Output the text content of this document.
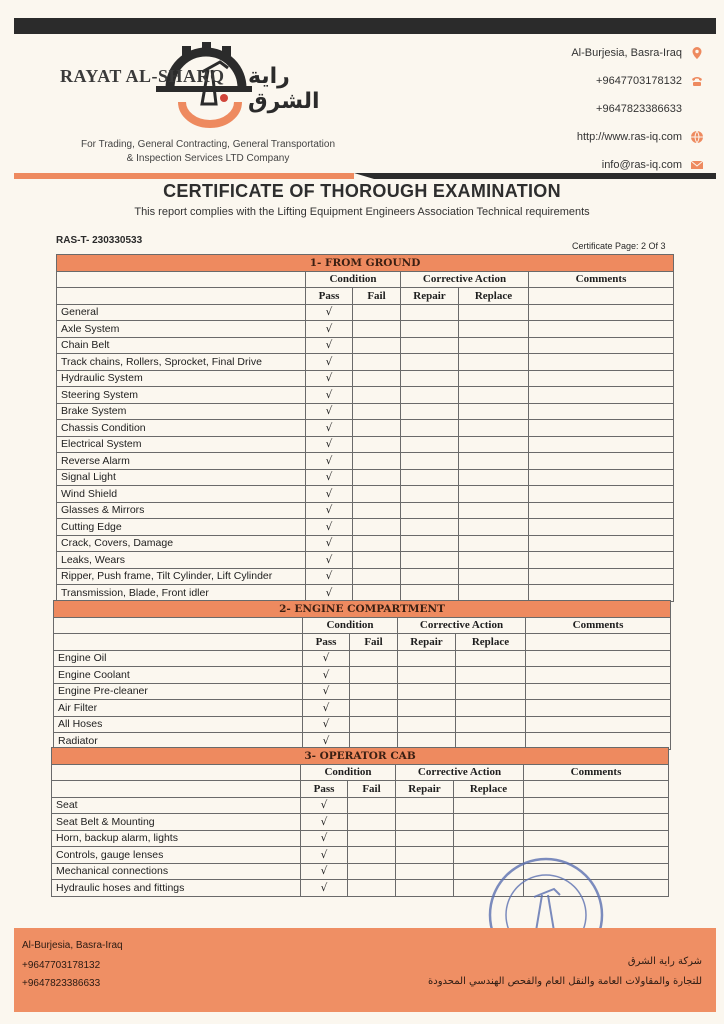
RAYAT AL-SHARQ راية الشرق
For Trading, General Contracting, General Transportation
& Inspection Services LTD Company
Al-Burjesia, Basra-Iraq
+9647703178132
+9647823386633
http://www.ras-iq.com
info@ras-iq.com
CERTIFICATE OF THOROUGH EXAMINATION
This report complies with the Lifting Equipment Engineers Association Technical requirements
RAS-T- 230330533	Certificate Page: 2 Of 3
1- FROM GROUND					
	Condition		Corrective Action		Comments
	Pass	Fail	Repair	Replace	
General	√				
Axle System	√				
Chain Belt	√				
Track chains, Rollers, Sprocket, Final Drive	√				
Hydraulic System	√				
Steering System	√				
Brake System	√				
Chassis Condition	√				
Electrical System	√				
Reverse Alarm	√				
Signal Light	√				
Wind Shield	√				
Glasses & Mirrors	√				
Cutting Edge	√				
Crack, Covers, Damage	√				
Leaks, Wears	√				
Ripper, Push frame, Tilt Cylinder, Lift Cylinder	√				
Transmission, Blade, Front idler	√				
2- ENGINE COMPARTMENT					
	Condition		Corrective Action		Comments
	Pass	Fail	Repair	Replace	
Engine Oil	√				
Engine Coolant	√				
Engine Pre-cleaner	√				
Air Filter	√				
All Hoses	√				
Radiator	√				
3- OPERATOR CAB					
	Condition		Corrective Action		Comments
	Pass	Fail	Repair	Replace	
Seat	√				
Seat Belt & Mounting	√				
Horn, backup alarm, lights	√				
Controls, gauge lenses	√				
Mechanical connections	√				
Hydraulic hoses and fittings	√				
Al-Burjesia, Basra-Iraq
+9647703178132
+9647823386633
شركة راية الشرق
للتجارة والمقاولات العامة والنقل العام والفحص الهندسي المحدودة
